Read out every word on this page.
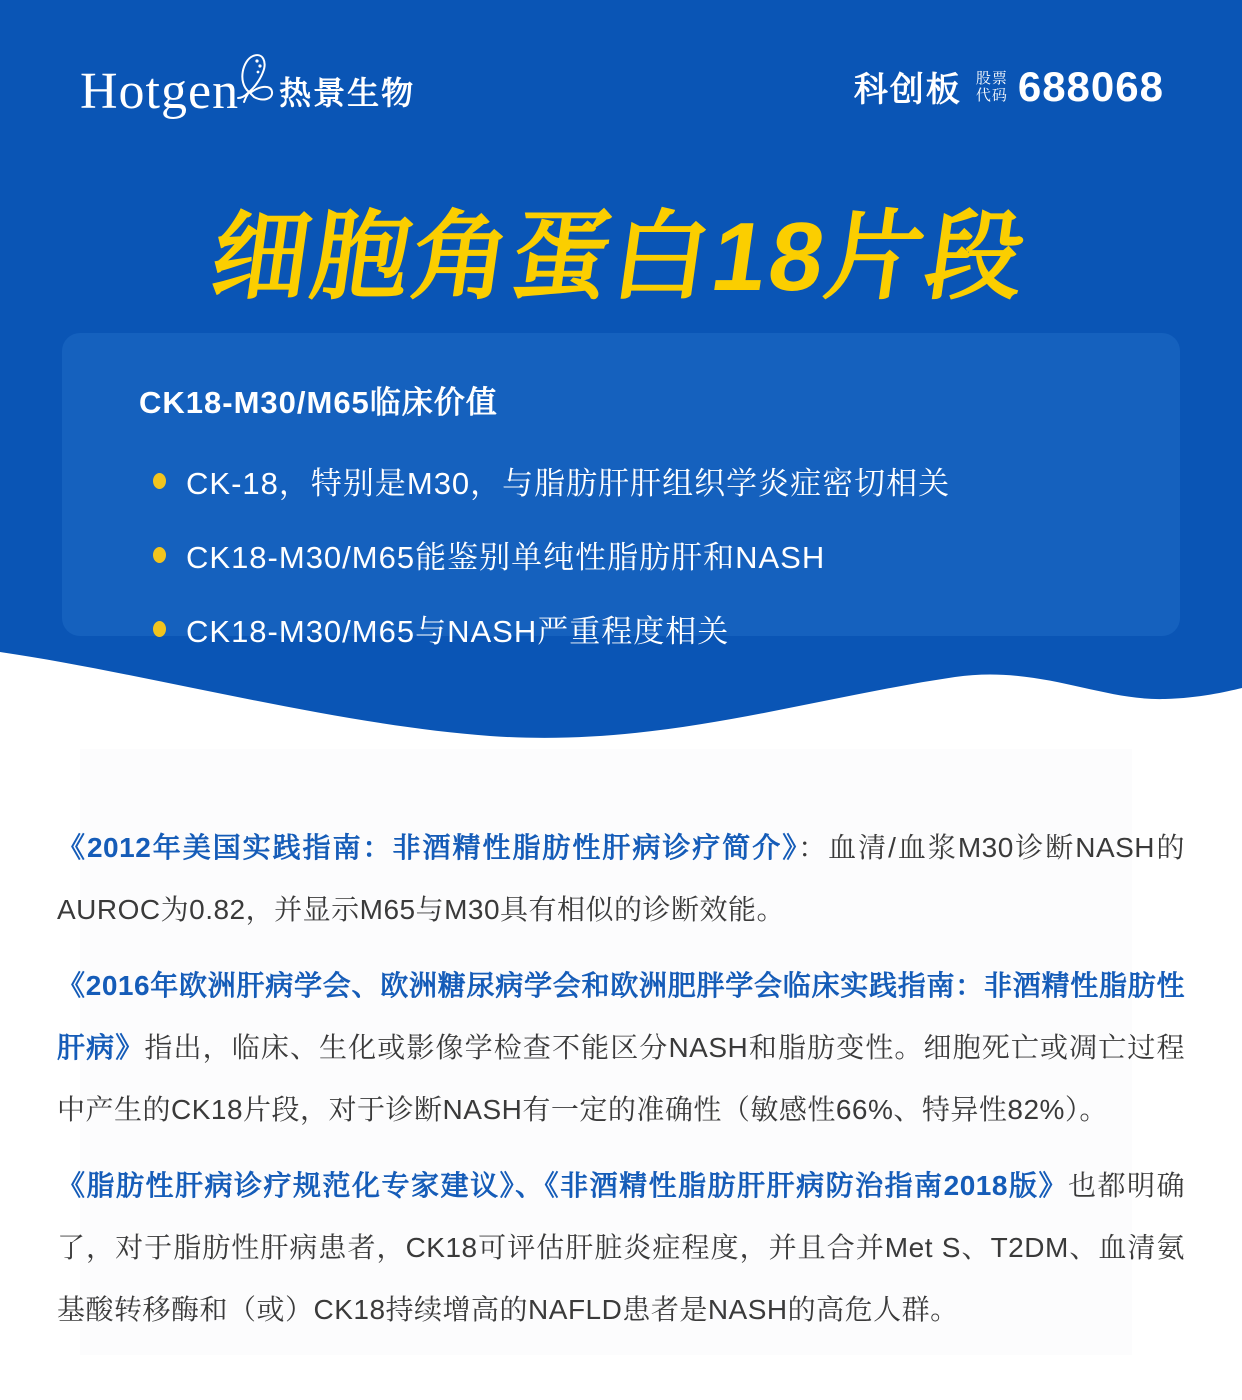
Hotgen 热景生物	科创板 股票
代码 688068
细胞角蛋白18片段
CK18-M30/M65临床价值
CK-18，特别是M30，与脂肪肝肝组织学炎症密切相关
CK18-M30/M65能鉴别单纯性脂肪肝和NASH
CK18-M30/M65与NASH严重程度相关

《2012年美国实践指南：非酒精性脂肪性肝病诊疗简介》：血清/血浆M30诊断NASH的AUROC为0.82，并显示M65与M30具有相似的诊断效能。

《2016年欧洲肝病学会、欧洲糖尿病学会和欧洲肥胖学会临床实践指南：非酒精性脂肪性肝病》指出，临床、生化或影像学检查不能区分NASH和脂肪变性。细胞死亡或凋亡过程中产生的CK18片段，对于诊断NASH有一定的准确性（敏感性66%、特异性82%）。

《脂肪性肝病诊疗规范化专家建议》、《非酒精性脂肪肝肝病防治指南2018版》也都明确了，对于脂肪性肝病患者，CK18可评估肝脏炎症程度，并且合并Met S、T2DM、血清氨基酸转移酶和（或）CK18持续增高的NAFLD患者是NASH的高危人群。
